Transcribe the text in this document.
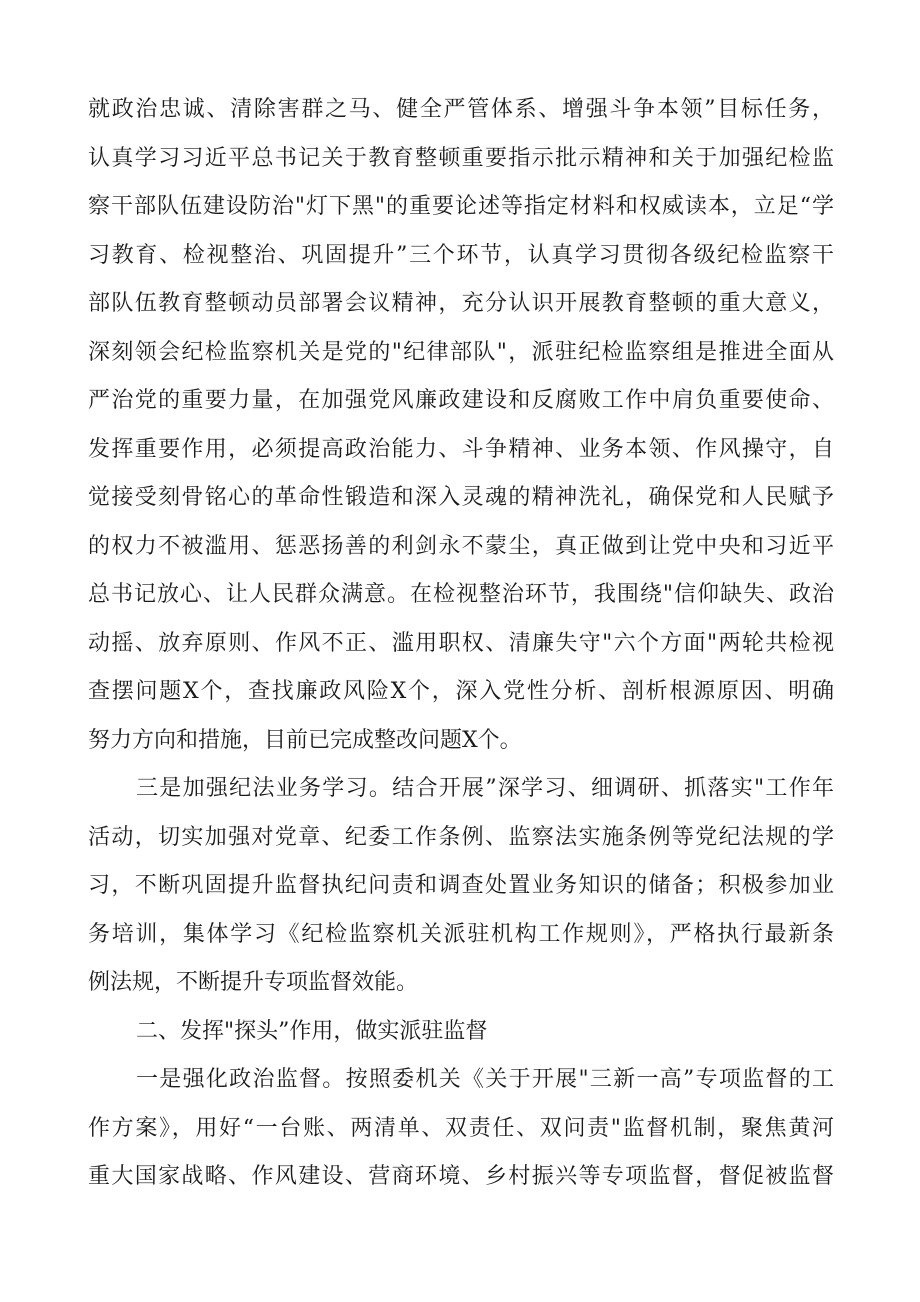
就政治忠诚、清除害群之马、健全严管体系、增强斗争本领”目标任务，
认真学习习近平总书记关于教育整顿重要指示批示精神和关于加强纪检监
察干部队伍建设防治"灯下黑"的重要论述等指定材料和权威读本，立足“学
习教育、检视整治、巩固提升”三个环节，认真学习贯彻各级纪检监察干
部队伍教育整顿动员部署会议精神，充分认识开展教育整顿的重大意义，
深刻领会纪检监察机关是党的"纪律部队"，派驻纪检监察组是推进全面从
严治党的重要力量，在加强党风廉政建设和反腐败工作中肩负重要使命、
发挥重要作用，必须提高政治能力、斗争精神、业务本领、作风操守，自
觉接受刻骨铭心的革命性锻造和深入灵魂的精神洗礼，确保党和人民赋予
的权力不被滥用、惩恶扬善的利剑永不蒙尘，真正做到让党中央和习近平
总书记放心、让人民群众满意。在检视整治环节，我围绕"信仰缺失、政治
动摇、放弃原则、作风不正、滥用职权、清廉失守"六个方面"两轮共检视
查摆问题X个，查找廉政风险X个，深入党性分析、剖析根源原因、明确
努力方向和措施，目前已完成整改问题X个。
三是加强纪法业务学习。结合开展”深学习、细调研、抓落实"工作年
活动，切实加强对党章、纪委工作条例、监察法实施条例等党纪法规的学
习，不断巩固提升监督执纪问责和调查处置业务知识的储备；积极参加业
务培训，集体学习《纪检监察机关派驻机构工作规则》，严格执行最新条
例法规，不断提升专项监督效能。
二、发挥"探头”作用，做实派驻监督
一是强化政治监督。按照委机关《关于开展"三新一高”专项监督的工
作方案》，用好“一台账、两清单、双责任、双问责"监督机制，聚焦黄河
重大国家战略、作风建设、营商环境、乡村振兴等专项监督，督促被监督
